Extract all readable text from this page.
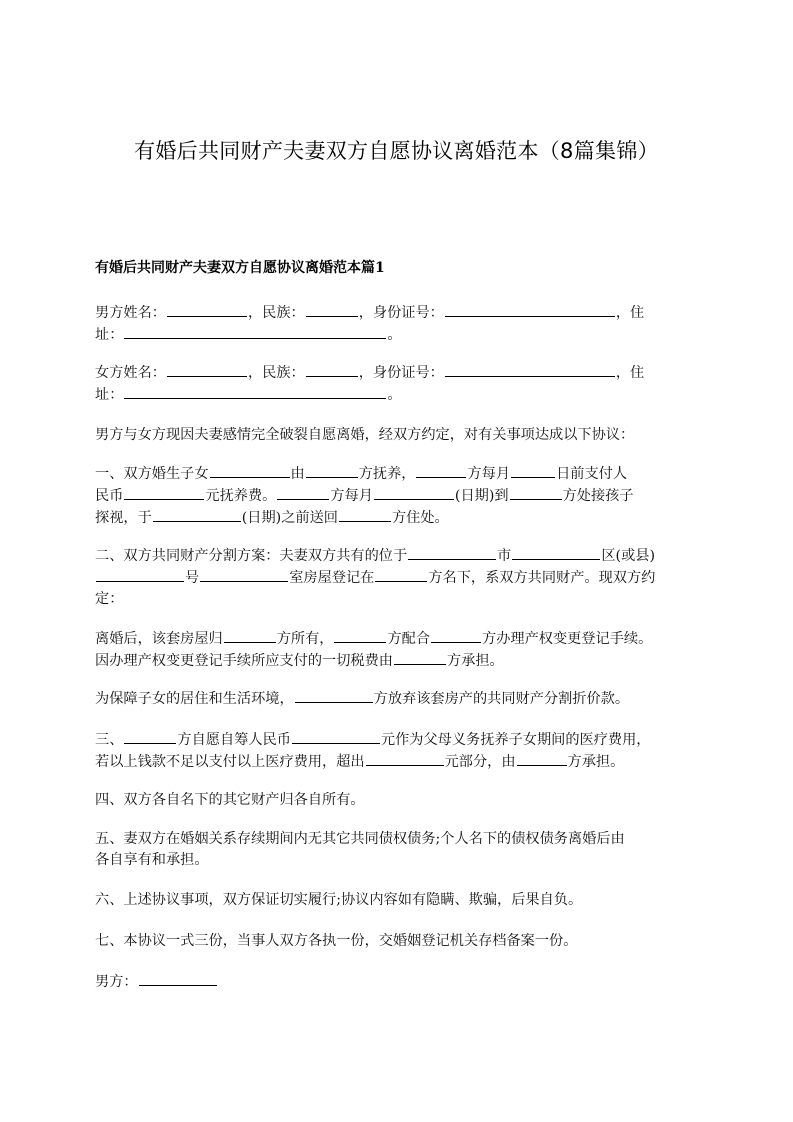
有婚后共同财产夫妻双方自愿协议离婚范本（8篇集锦）
有婚后共同财产夫妻双方自愿协议离婚范本篇1
男方姓名：	，民族：	，身份证号：	，住
址：	。
女方姓名：	，民族：	，身份证号：	，住
址：	。
男方与女方现因夫妻感情完全破裂自愿离婚，经双方约定，对有关事项达成以下协议：
一、双方婚生子女	由	方抚养，	方每月	日前支付人
民币	元抚养费。	方每月	(日期)到	方处接孩子
探视，于	(日期)之前送回	方住处。
二、双方共同财产分割方案：夫妻双方共有的位于	市	区(或县)
号	室房屋登记在	方名下，系双方共同财产。现双方约
定：
离婚后，该套房屋归	方所有，	方配合	方办理产权变更登记手续。
因办理产权变更登记手续所应支付的一切税费由	方承担。
为保障子女的居住和生活环境，	方放弃该套房产的共同财产分割折价款。
三、	方自愿自筹人民币	元作为父母义务抚养子女期间的医疗费用，
若以上钱款不足以支付以上医疗费用，超出	元部分，由	方承担。
四、双方各自名下的其它财产归各自所有。
五、妻双方在婚姻关系存续期间内无其它共同债权债务;个人名下的债权债务离婚后由
各自享有和承担。
六、上述协议事项，双方保证切实履行;协议内容如有隐瞒、欺骗，后果自负。
七、本协议一式三份，当事人双方各执一份，交婚姻登记机关存档备案一份。
男方：
